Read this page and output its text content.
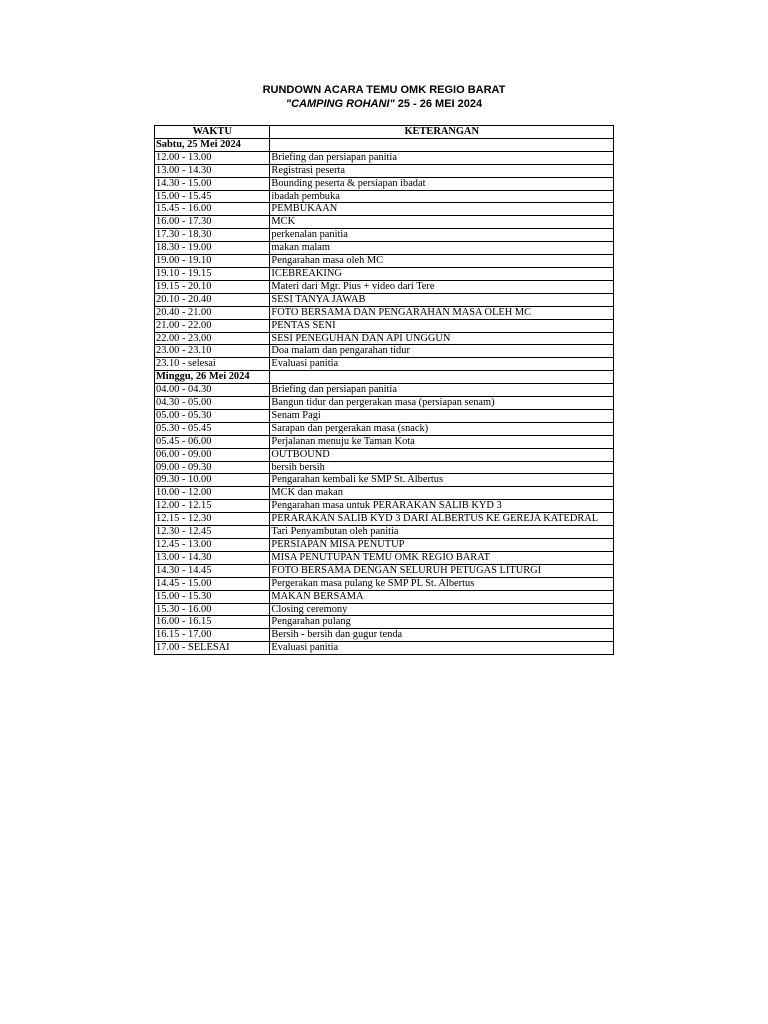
RUNDOWN ACARA TEMU OMK REGIO BARAT
"CAMPING ROHANI" 25 - 26 MEI 2024
WAKTU	KETERANGAN
Sabtu, 25 Mei 2024	
12.00 - 13.00	Briefing dan persiapan panitia
13.00 - 14.30	Registrasi peserta
14.30 - 15.00	Bounding peserta & persiapan ibadat
15.00 - 15.45	ibadah pembuka
15.45 - 16.00	PEMBUKAAN
16.00 - 17.30	MCK
17.30 - 18.30	perkenalan panitia
18.30 - 19.00	makan malam
19.00 - 19.10	Pengarahan masa oleh MC
19.10 - 19.15	ICEBREAKING
19.15 - 20.10	Materi dari Mgr. Pius + video dari Tere
20.10 - 20.40	SESI TANYA JAWAB
20.40 - 21.00	FOTO BERSAMA DAN PENGARAHAN MASA OLEH MC
21.00 - 22.00	PENTAS SENI
22.00 - 23.00	SESI PENEGUHAN DAN API UNGGUN
23.00 - 23.10	Doa malam dan pengarahan tidur
23.10 - selesai	Evaluasi panitia
Minggu, 26 Mei 2024	
04.00 - 04.30	Briefing dan persiapan panitia
04.30 - 05.00	Bangun tidur dan pergerakan masa (persiapan senam)
05.00 - 05.30	Senam Pagi
05.30 - 05.45	Sarapan dan pergerakan masa (snack)
05.45 - 06.00	Perjalanan menuju ke Taman Kota
06.00 - 09.00	OUTBOUND
09.00 - 09.30	bersih bersih
09.30 - 10.00	Pengarahan kembali ke SMP St. Albertus
10.00 - 12.00	MCK dan makan
12.00 - 12.15	Pengarahan masa untuk PERARAKAN SALIB KYD 3
12.15 - 12.30	PERARAKAN SALIB KYD 3 DARI ALBERTUS KE GEREJA KATEDRAL
12.30 - 12.45	Tari Penyambutan oleh panitia
12.45 - 13.00	PERSIAPAN MISA PENUTUP
13.00 - 14.30	MISA PENUTUPAN TEMU OMK REGIO BARAT
14.30 - 14.45	FOTO BERSAMA DENGAN SELURUH PETUGAS LITURGI
14.45 - 15.00	Pergerakan masa pulang ke SMP PL St. Albertus
15.00 - 15.30	MAKAN BERSAMA
15.30 - 16.00	Closing ceremony
16.00 - 16.15	Pengarahan pulang
16.15 - 17.00	Bersih - bersih dan gugur tenda
17.00 - SELESAI	Evaluasi panitia
